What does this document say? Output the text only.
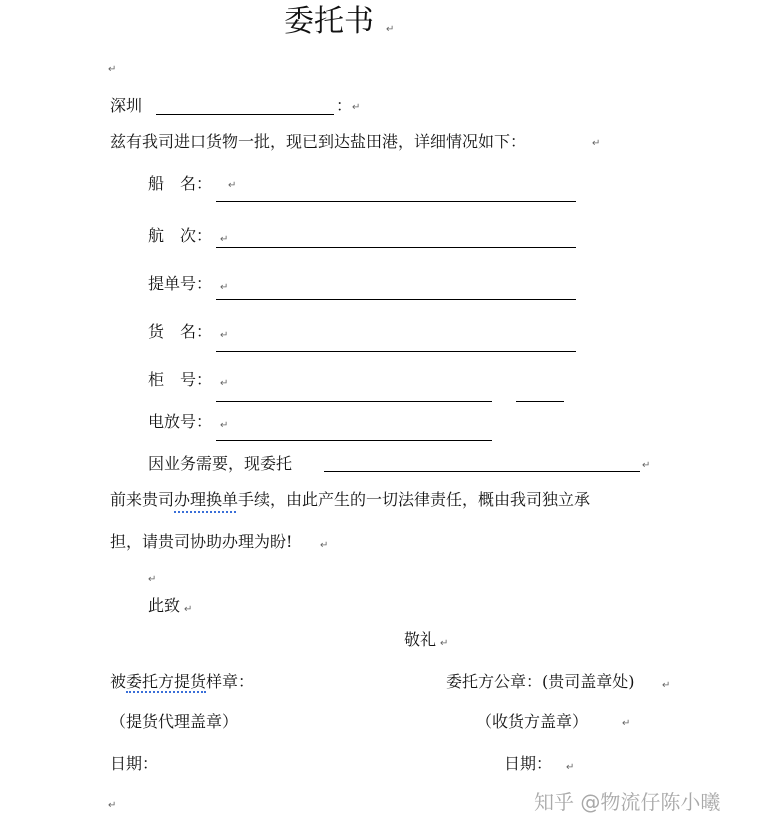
委托书 ↵
↵
深圳	： ↵
兹有我司进口货物一批，现已到达盐田港，详细情况如下：	↵
船　名： ↵
航　次： ↵
提单号： ↵
货　名： ↵
柜　号： ↵
电放号： ↵
因业务需要，现委托	↵
前来贵司办理换单手续，由此产生的一切法律责任，概由我司独立承
担，请贵司协助办理为盼!	↵
↵
此致 ↵
敬礼 ↵
被委托方提货样章：	委托方公章：(贵司盖章处)	↵
（提货代理盖章）	（收货方盖章）	↵
日期：	日期： ↵
↵	知乎 @物流仔陈小曦
